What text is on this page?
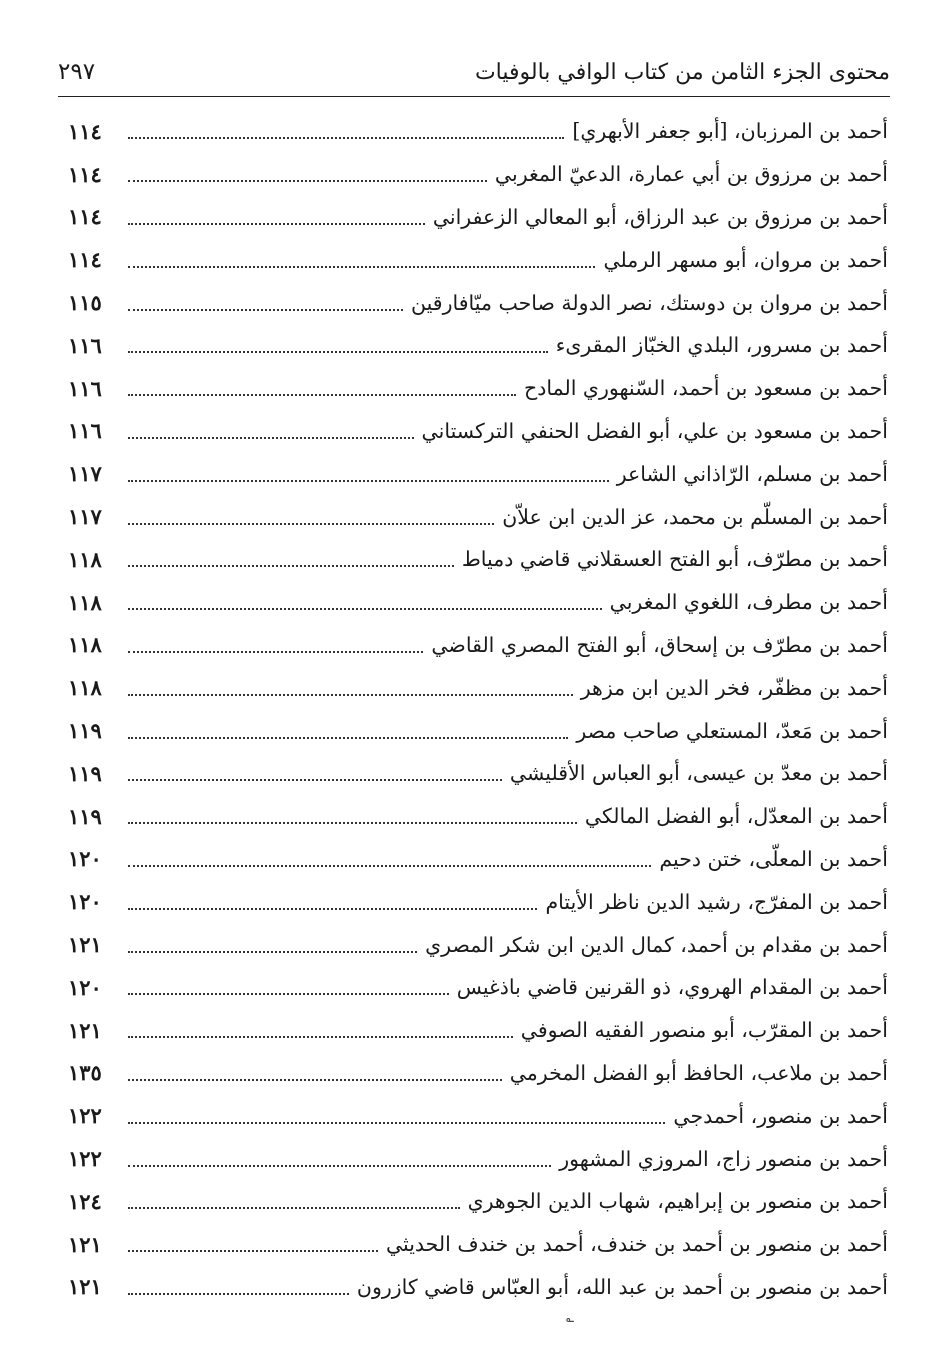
محتوى الجزء الثامن من كتاب الوافي بالوفيات
٢٩٧
أحمد بن المرزبان، [أبو جعفر الأبهري]
١١٤
أحمد بن مرزوق بن أبي عمارة، الدعيّ المغربي
١١٤
أحمد بن مرزوق بن عبد الرزاق، أبو المعالي الزعفراني
١١٤
أحمد بن مروان، أبو مسهر الرملي
١١٤
أحمد بن مروان بن دوستك، نصر الدولة صاحب ميّافارقين
١١٥
أحمد بن مسرور، البلدي الخبّاز المقرىء
١١٦
أحمد بن مسعود بن أحمد، السّنهوري المادح
١١٦
أحمد بن مسعود بن علي، أبو الفضل الحنفي التركستاني
١١٦
أحمد بن مسلم، الرّاذاني الشاعر
١١٧
أحمد بن المسلّم بن محمد، عز الدين ابن علاّن
١١٧
أحمد بن مطرّف، أبو الفتح العسقلاني قاضي دمياط
١١٨
أحمد بن مطرف، اللغوي المغربي
١١٨
أحمد بن مطرّف بن إسحاق، أبو الفتح المصري القاضي
١١٨
أحمد بن مظفّر، فخر الدين ابن مزهر
١١٨
أحمد بن مَعدّ، المستعلي صاحب مصر
١١٩
أحمد بن معدّ بن عيسى، أبو العباس الأقليشي
١١٩
أحمد بن المعدّل، أبو الفضل المالكي
١١٩
أحمد بن المعلّى، ختن دحيم
١٢٠
أحمد بن المفرّج، رشيد الدين ناظر الأيتام
١٢٠
أحمد بن مقدام بن أحمد، كمال الدين ابن شكر المصري
١٢١
أحمد بن المقدام الهروي، ذو القرنين قاضي باذغيس
١٢٠
أحمد بن المقرّب، أبو منصور الفقيه الصوفي
١٢١
أحمد بن ملاعب، الحافظ أبو الفضل المخرمي
١٣٥
أحمد بن منصور، أحمدجي
١٢٢
أحمد بن منصور زاج، المروزي المشهور
١٢٢
أحمد بن منصور بن إبراهيم، شهاب الدين الجوهري
١٢٤
أحمد بن منصور بن أحمد بن خندف، أحمد بن خندف الحديثي
١٢١
أحمد بن منصور بن أحمد بن عبد الله، أبو العبّاس قاضي كازرون
١٢١
؎
